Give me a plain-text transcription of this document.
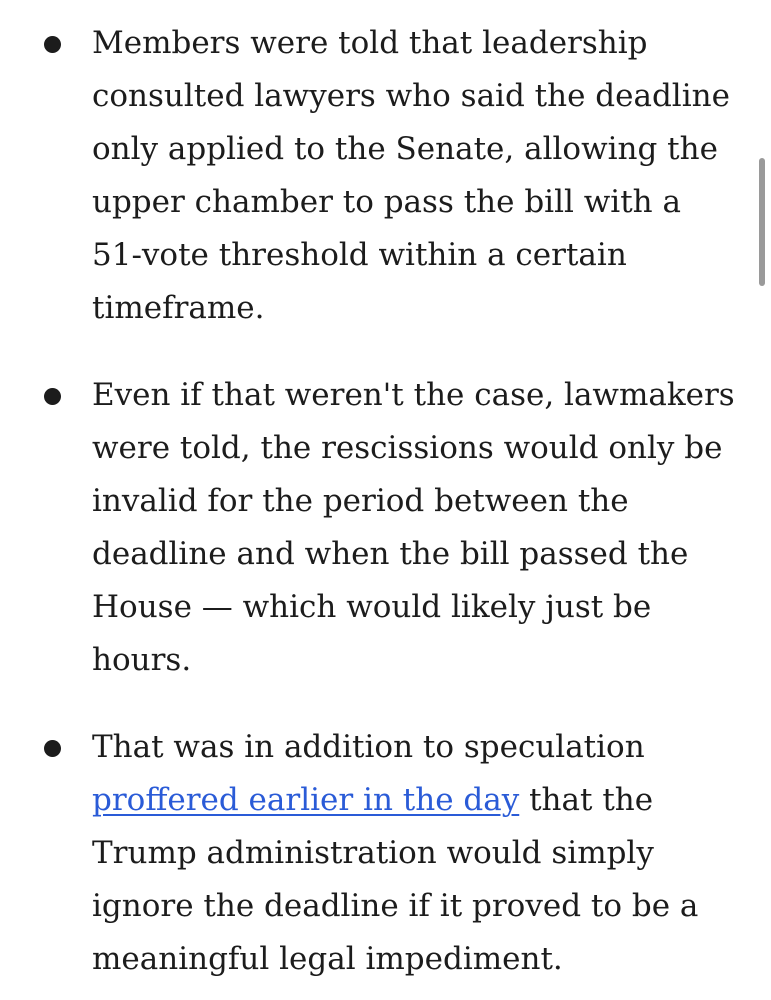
Members were told that leadership consulted lawyers who said the deadline only applied to the Senate, allowing the upper chamber to pass the bill with a 51-vote threshold within a certain timeframe.
Even if that weren't the case, lawmakers were told, the rescissions would only be invalid for the period between the deadline and when the bill passed the House — which would likely just be hours.
That was in addition to speculation proffered earlier in the day that the Trump administration would simply ignore the deadline if it proved to be a meaningful legal impediment.
